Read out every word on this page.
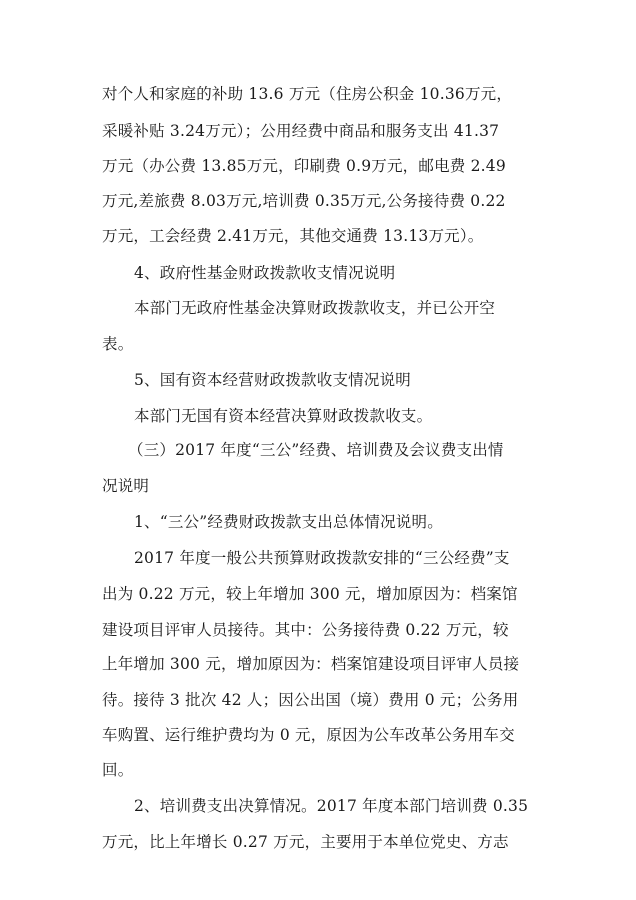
对个人和家庭的补助 13.6 万元（住房公积金 10.36万元，
采暖补贴 3.24万元）；公用经费中商品和服务支出 41.37
万元（办公费 13.85万元，印刷费 0.9万元，邮电费 2.49
万元,差旅费 8.03万元,培训费 0.35万元,公务接待费 0.22
万元，工会经费 2.41万元，其他交通费 13.13万元）。
4、政府性基金财政拨款收支情况说明
本部门无政府性基金决算财政拨款收支，并已公开空
表。
5、国有资本经营财政拨款收支情况说明
本部门无国有资本经营决算财政拨款收支。
（三）2017 年度“三公”经费、培训费及会议费支出情
况说明
1、“三公”经费财政拨款支出总体情况说明。
2017 年度一般公共预算财政拨款安排的“三公经费”支
出为 0.22 万元，较上年增加 300 元，增加原因为：档案馆
建设项目评审人员接待。其中：公务接待费 0.22 万元，较
上年增加 300 元，增加原因为：档案馆建设项目评审人员接
待。接待 3 批次 42 人；因公出国（境）费用 0 元；公务用
车购置、运行维护费均为 0 元，原因为公车改革公务用车交
回。
2、培训费支出决算情况。2017 年度本部门培训费 0.35
万元，比上年增长 0.27 万元，主要用于本单位党史、方志
